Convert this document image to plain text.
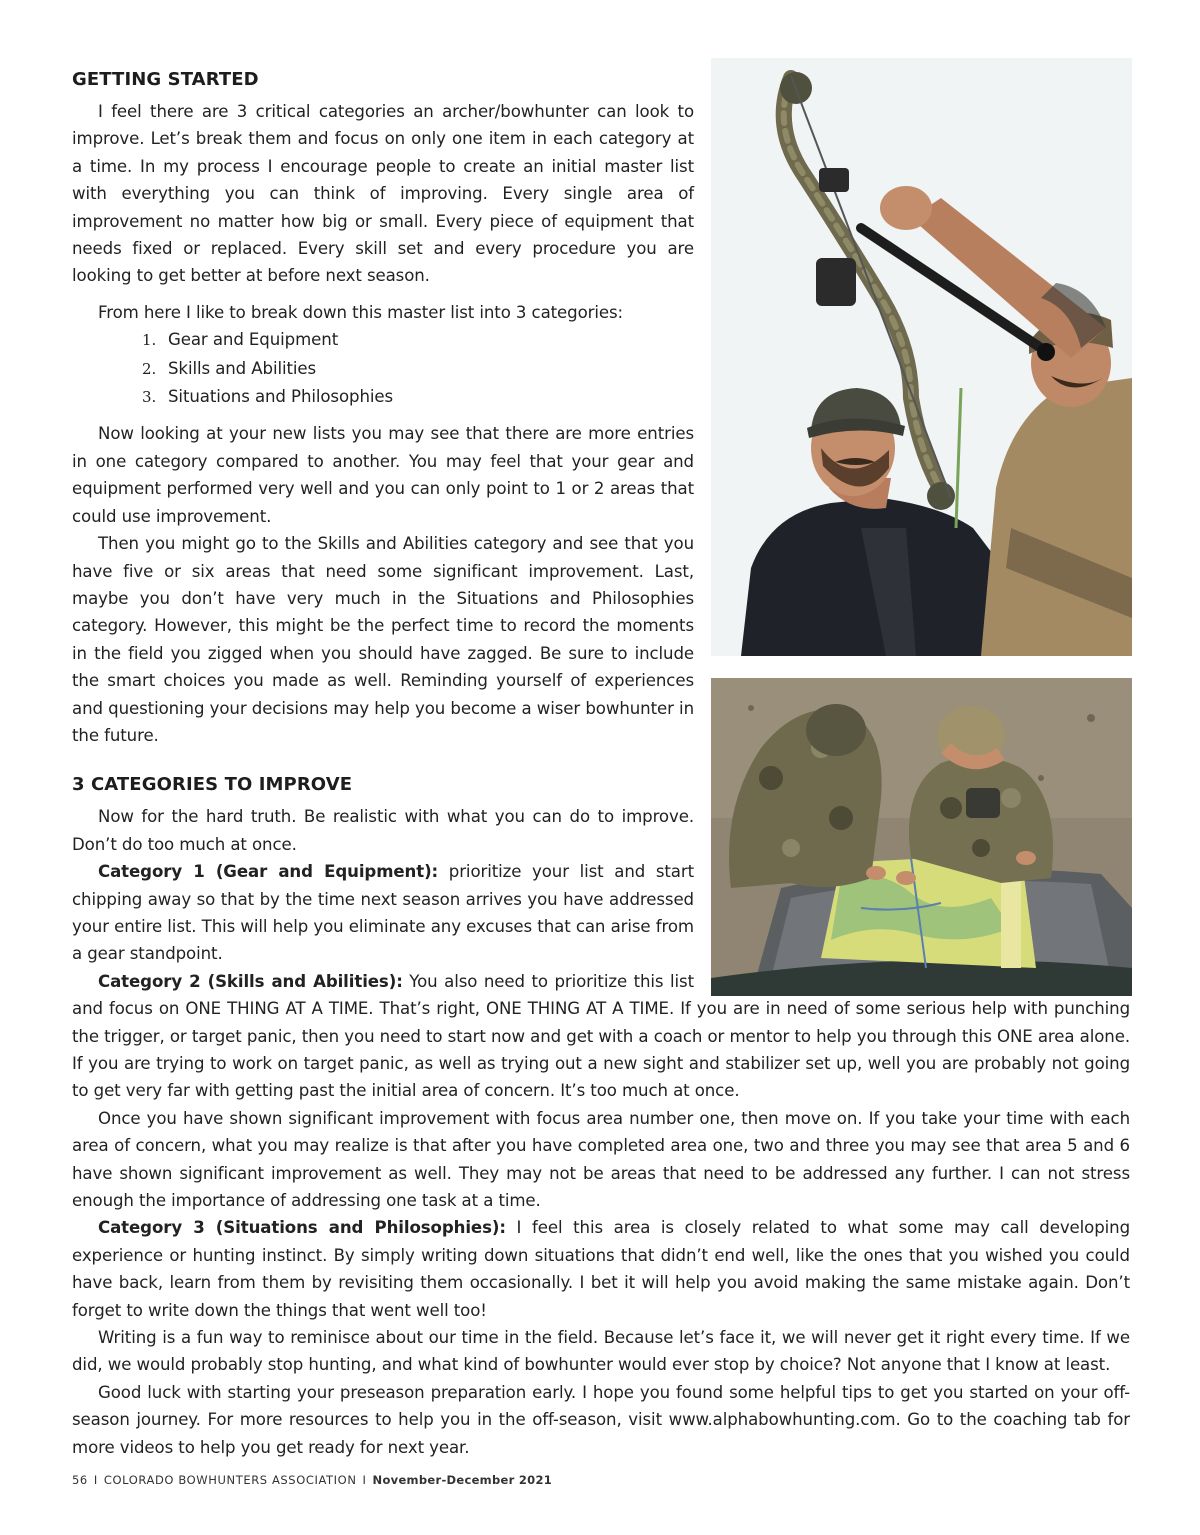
GETTING STARTED

I feel there are 3 critical categories an archer/bowhunter can look to improve. Let’s break them and focus on only one item in each category at a time. In my process I encourage people to create an initial master list with everything you can think of improving. Every single area of improvement no matter how big or small. Every piece of equipment that needs fixed or replaced. Every skill set and every procedure you are looking to get better at before next season.

From here I like to break down this master list into 3 categories:

1. Gear and Equipment
2. Skills and Abilities
3. Situations and Philosophies

Now looking at your new lists you may see that there are more entries in one category compared to another. You may feel that your gear and equipment performed very well and you can only point to 1 or 2 areas that could use improvement.

Then you might go to the Skills and Abilities category and see that you have five or six areas that need some significant improvement. Last, maybe you don’t have very much in the Situations and Philosophies category. However, this might be the perfect time to record the moments in the field you zigged when you should have zagged. Be sure to include the smart choices you made as well. Reminding yourself of experiences and questioning your decisions may help you become a wiser bowhunter in the future.

3 CATEGORIES TO IMPROVE

Now for the hard truth. Be realistic with what you can do to improve. Don’t do too much at once.

Category 1 (Gear and Equipment): prioritize your list and start chipping away so that by the time next season arrives you have addressed your entire list. This will help you eliminate any excuses that can arise from a gear standpoint.

Category 2 (Skills and Abilities): You also need to prioritize this list and focus on ONE THING AT A TIME. That’s right, ONE THING AT A TIME. If you are in need of some serious help with punching the trigger, or target panic, then you need to start now and get with a coach or mentor to help you through this ONE area alone. If you are trying to work on target panic, as well as trying out a new sight and stabilizer set up, well you are probably not going to get very far with getting past the initial area of concern. It’s too much at once.

Once you have shown significant improvement with focus area number one, then move on. If you take your time with each area of concern, what you may realize is that after you have completed area one, two and three you may see that area 5 and 6 have shown significant improvement as well. They may not be areas that need to be addressed any further. I can not stress enough the importance of addressing one task at a time.

Category 3 (Situations and Philosophies): I feel this area is closely related to what some may call developing experience or hunting instinct. By simply writing down situations that didn’t end well, like the ones that you wished you could have back, learn from them by revisiting them occasionally. I bet it will help you avoid making the same mistake again. Don’t forget to write down the things that went well too!

Writing is a fun way to reminisce about our time in the field. Because let’s face it, we will never get it right every time. If we did, we would probably stop hunting, and what kind of bowhunter would ever stop by choice? Not anyone that I know at least.

Good luck with starting your preseason preparation early. I hope you found some helpful tips to get you started on your off-season journey. For more resources to help you in the off-season, visit www.alphabowhunting.com. Go to the coaching tab for more videos to help you get ready for next year.

56 I COLORADO BOWHUNTERS ASSOCIATION I November-December 2021
